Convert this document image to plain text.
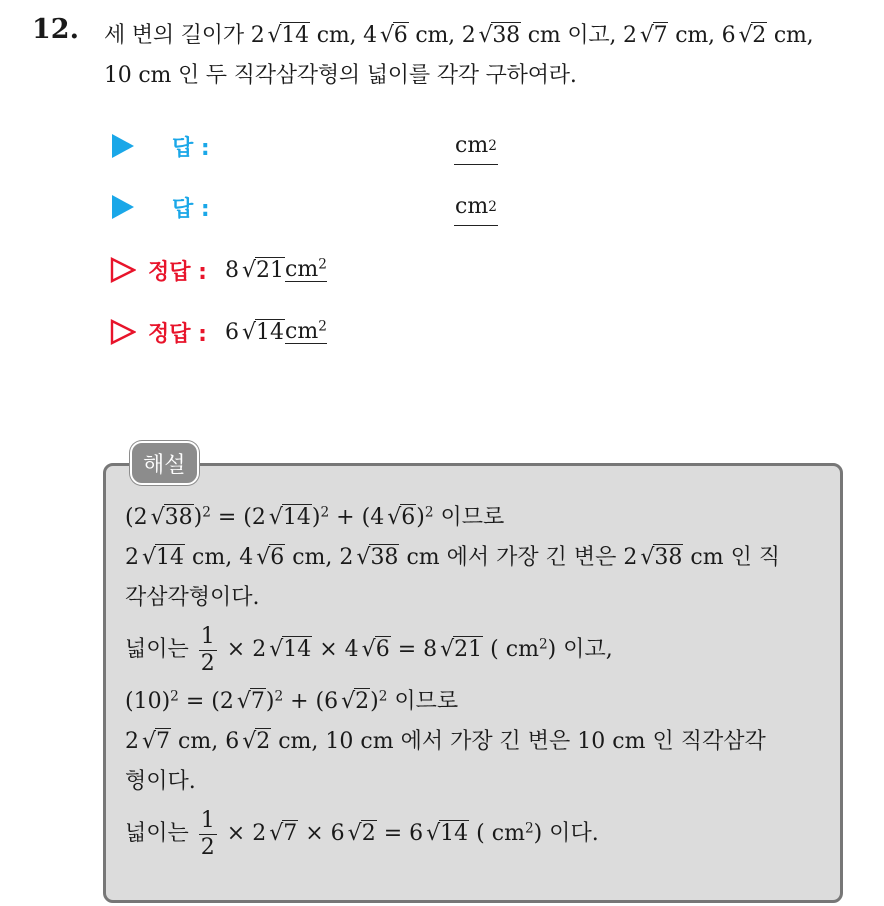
12. 세 변의 길이가 2 √14 cm, 4 √6 cm, 2 √38 cm 이고, 2 √7 cm, 6 √2 cm,
10 cm 인 두 직각삼각형의 넓이를 각각 구하여라.
답 :	cm 2
답 :	cm 2
정답 : 8 √21 $cm^2$
정답 : 6 √14 $cm^2$
해설
(2 √38)$^2$ = (2 √14)$^2$ + (4 √6)$^2$ 이므로
2 √14 cm, 4 √6 cm, 2 √38 cm 에서 가장 긴 변은 2 √38 cm 인 직
각삼각형이다.
넓이는 $\frac{1}{2} \times 2$ √14 × 4 √6 = 8 √21 ( $cm^2$) 이고,
$(10)^2 = (2$ √7)$^2$ + (6 √2)$^2$ 이므로
2 √7 cm, 6 √2 cm, 10 cm 에서 가장 긴 변은 10 cm 인 직각삼각
형이다.
넓이는 $\frac{1}{2} \times 2$ √7 × 6 √2 = 6 √14 ( $cm^2$) 이다.
